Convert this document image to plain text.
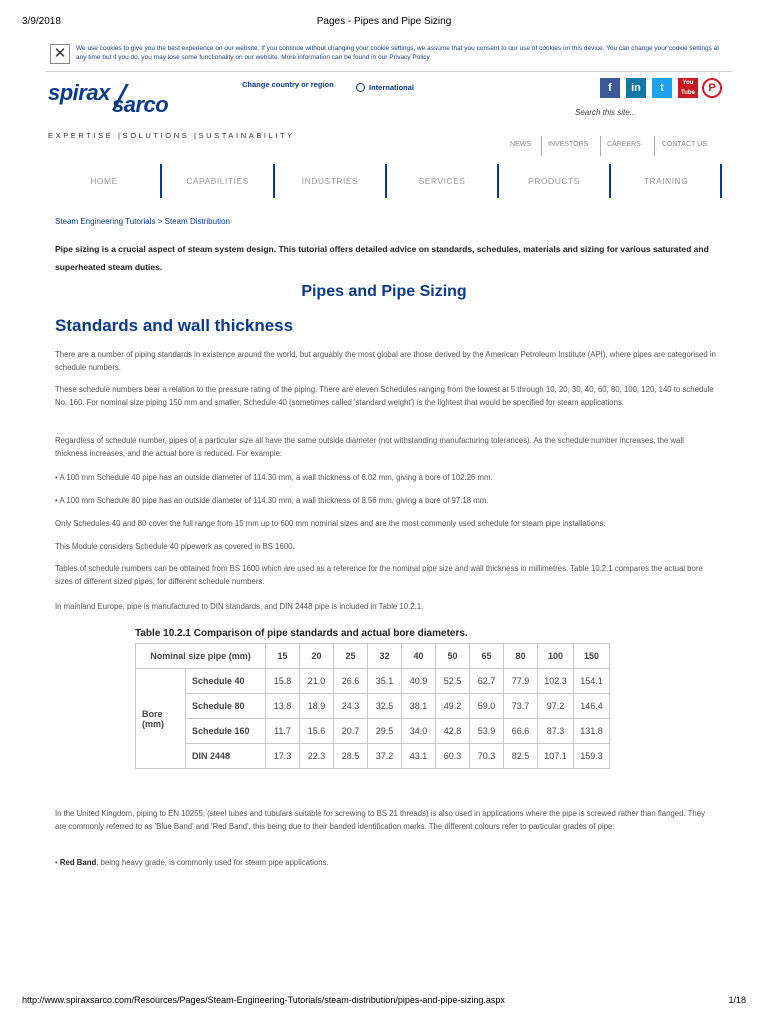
3/9/2018	Pages - Pipes and Pipe Sizing
✕	We use cookies to give you the best experience on our website. If you continue without changing your cookie settings, we assume that you consent to our use of cookies on this device. You can change your cookie settings at any time but if you do, you may lose some functionality on our website. More information can be found in our Privacy Policy
spirax sarco
Change country or region	International	f	in	t	You Tube	P
Search this site...
EXPERTISE |SOLUTIONS |SUSTAINABILITY
NEWS INVESTORS	CAREERS	CONTACT US
HOME	CAPABILITIES	INDUSTRIES	SERVICES	PRODUCTS	TRAINING
Steam Engineering Tutorials > Steam Distribution
Pipe sizing is a crucial aspect of steam system design. This tutorial offers detailed advice on standards, schedules, materials and sizing for various saturated and superheated steam duties.
Pipes and Pipe Sizing
Standards and wall thickness

There are a number of piping standards in existence around the world, but arguably the most global are those derived by the American Petroleum Institute (API), where pipes are categorised in schedule numbers.

These schedule numbers bear a relation to the pressure rating of the piping. There are eleven Schedules ranging from the lowest at 5 through 10, 20, 30, 40, 60, 80, 100, 120, 140 to schedule No. 160. For nominal size piping 150 mm and smaller, Schedule 40 (sometimes called 'standard weight') is the lightest that would be specified for steam applications.

Regardless of schedule number, pipes of a particular size all have the same outside diameter (not withstanding manufacturing tolerances). As the schedule number increases, the wall thickness increases, and the actual bore is reduced. For example:

• A 100 mm Schedule 40 pipe has an outside diameter of 114.30 mm, a wall thickness of 6.02 mm, giving a bore of 102.26 mm.

• A 100 mm Schedule 80 pipe has an outside diameter of 114.30 mm, a wall thickness of 8.56 mm, giving a bore of 97.18 mm.

Only Schedules 40 and 80 cover the full range from 15 mm up to 600 mm nominal sizes and are the most commonly used schedule for steam pipe installations.

This Module considers Schedule 40 pipework as covered in BS 1600.

Tables of schedule numbers can be obtained from BS 1600 which are used as a reference for the nominal pipe size and wall thickness in millimetres. Table 10.2.1 compares the actual bore sizes of different sized pipes, for different schedule numbers.

In mainland Europe, pipe is manufactured to DIN standards, and DIN 2448 pipe is included in Table 10.2.1.

Table 10.2.1 Comparison of pipe standards and actual bore diameters.
Nominal size pipe (mm)		15	20	25	32	40	50	65	80	100	150
Bore (mm)	Schedule 40	15.8	21.0	26.6	35.1	40.9	52.5	62.7	77.9	102.3	154.1
	Schedule 80	13.8	18.9	24.3	32.5	38.1	49.2	59.0	73.7	97.2	146.4
	Schedule 160	11.7	15.6	20.7	29.5	34.0	42.8	53.9	66.6	87.3	131.8
	DIN 2448	17.3	22.3	28.5	37.2	43.1	60.3	70.3	82.5	107.1	159.3

In the United Kingdom, piping to EN 10255, (steel tubes and tubulars suitable for screwing to BS 21 threads) is also used in applications where the pipe is screwed rather than flanged. They are commonly referred to as 'Blue Band' and 'Red Band', this being due to their banded identification marks. The different colours refer to particular grades of pipe:

• Red Band, being heavy grade, is commonly used for steam pipe applications.

http://www.spiraxsarco.com/Resources/Pages/Steam-Engineering-Tutorials/steam-distribution/pipes-and-pipe-sizing.aspx	1/18
